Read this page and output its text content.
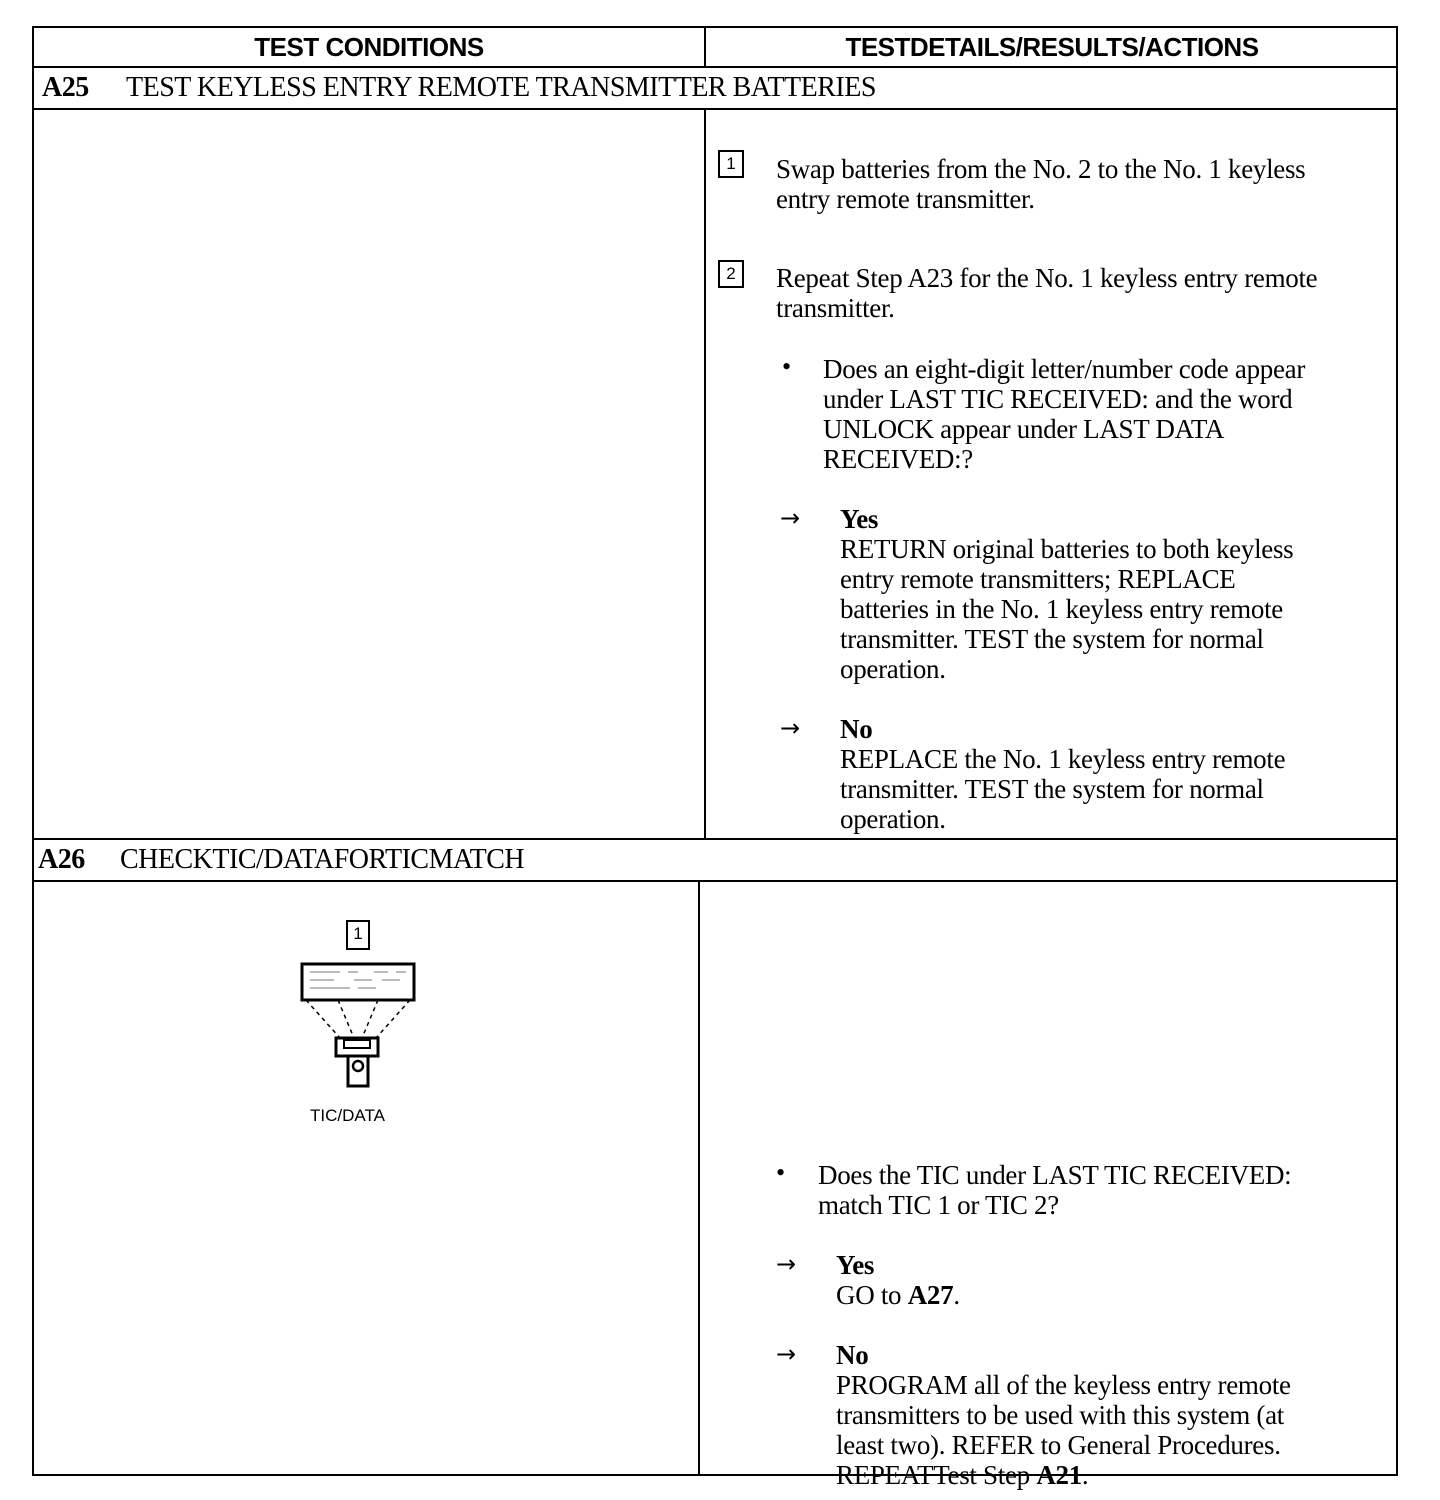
TEST CONDITIONS	TESTDETAILS/RESULTS/ACTIONS
A25 TEST KEYLESS ENTRY REMOTE TRANSMITTER BATTERIES
1	Swap batteries from the No. 2 to the No. 1 keyless
entry remote transmitter.
2	Repeat Step A23 for the No. 1 keyless entry remote
transmitter.
• Does an eight-digit letter/number code appear
under LAST TIC RECEIVED: and the word
UNLOCK appear under LAST DATA
RECEIVED:?
→ Yes
RETURN original batteries to both keyless
entry remote transmitters; REPLACE
batteries in the No. 1 keyless entry remote
transmitter. TEST the system for normal
operation.
→ No
REPLACE the No. 1 keyless entry remote
transmitter. TEST the system for normal
operation.
A26 CHECKTIC/DATAFORTICMATCH
1
TIC/DATA
• Does the TIC under LAST TIC RECEIVED:
match TIC 1 or TIC 2?
→ Yes
GO to A27.
→ No
PROGRAM all of the keyless entry remote
transmitters to be used with this system (at
least two). REFER to General Procedures.
REPEATTest Step A21.
